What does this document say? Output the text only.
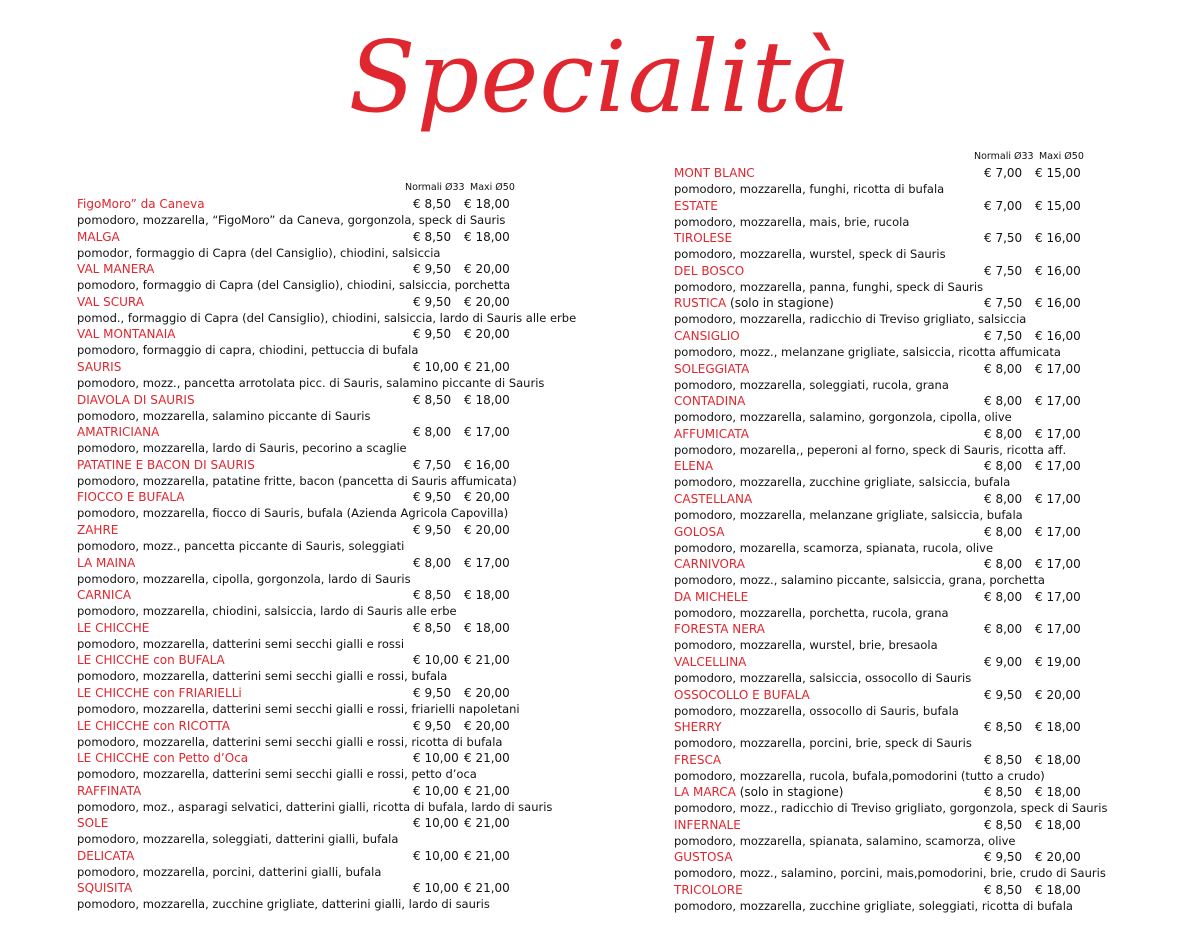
Specialità
Normali Ø33 Maxi Ø50
FigoMoro” da Caneva	€ 8,50 € 18,00
pomodoro, mozzarella, “FigoMoro” da Caneva, gorgonzola, speck di Sauris
MALGA	€ 8,50 € 18,00
pomodor, formaggio di Capra (del Cansiglio), chiodini, salsiccia
VAL MANERA	€ 9,50 € 20,00
pomodoro, formaggio di Capra (del Cansiglio), chiodini, salsiccia, porchetta
VAL SCURA	€ 9,50 € 20,00
pomod., formaggio di Capra (del Cansiglio), chiodini, salsiccia, lardo di Sauris alle erbe
VAL MONTANAIA	€ 9,50 € 20,00
pomodoro, formaggio di capra, chiodini, pettuccia di bufala
SAURIS	€ 10,00 € 21,00
pomodoro, mozz., pancetta arrotolata picc. di Sauris, salamino piccante di Sauris
DIAVOLA DI SAURIS	€ 8,50 € 18,00
pomodoro, mozzarella, salamino piccante di Sauris
AMATRICIANA	€ 8,00 € 17,00
pomodoro, mozzarella, lardo di Sauris, pecorino a scaglie
PATATINE E BACON DI SAURIS	€ 7,50 € 16,00
pomodoro, mozzarella, patatine fritte, bacon (pancetta di Sauris affumicata)
FIOCCO E BUFALA	€ 9,50 € 20,00
pomodoro, mozzarella, fiocco di Sauris, bufala (Azienda Agricola Capovilla)
ZAHRE	€ 9,50 € 20,00
pomodoro, mozz., pancetta piccante di Sauris, soleggiati
LA MAINA	€ 8,00 € 17,00
pomodoro, mozzarella, cipolla, gorgonzola, lardo di Sauris
CARNICA	€ 8,50 € 18,00
pomodoro, mozzarella, chiodini, salsiccia, lardo di Sauris alle erbe
LE CHICCHE	€ 8,50 € 18,00
pomodoro, mozzarella, datterini semi secchi gialli e rossi
LE CHICCHE con BUFALA	€ 10,00 € 21,00
pomodoro, mozzarella, datterini semi secchi gialli e rossi, bufala
LE CHICCHE con FRIARIELLi	€ 9,50 € 20,00
pomodoro, mozzarella, datterini semi secchi gialli e rossi, friarielli napoletani
LE CHICCHE con RICOTTA	€ 9,50 € 20,00
pomodoro, mozzarella, datterini semi secchi gialli e rossi, ricotta di bufala
LE CHICCHE con Petto d’Oca	€ 10,00 € 21,00
pomodoro, mozzarella, datterini semi secchi gialli e rossi, petto d’oca
RAFFINATA	€ 10,00 € 21,00
pomodoro, moz., asparagi selvatici, datterini gialli, ricotta di bufala, lardo di sauris
SOLE	€ 10,00 € 21,00
pomodoro, mozzarella, soleggiati, datterini gialli, bufala
DELICATA	€ 10,00 € 21,00
pomodoro, mozzarella, porcini, datterini gialli, bufala
SQUISITA	€ 10,00 € 21,00
pomodoro, mozzarella, zucchine grigliate, datterini gialli, lardo di sauris
Normali Ø33 Maxi Ø50
MONT BLANC	€ 7,00 € 15,00
pomodoro, mozzarella, funghi, ricotta di bufala
ESTATE	€ 7,00 € 15,00
pomodoro, mozzarella, mais, brie, rucola
TIROLESE	€ 7,50 € 16,00
pomodoro, mozzarella, wurstel, speck di Sauris
DEL BOSCO	€ 7,50 € 16,00
pomodoro, mozzarella, panna, funghi, speck di Sauris
RUSTICA (solo in stagione)	€ 7,50 € 16,00
pomodoro, mozzarella, radicchio di Treviso grigliato, salsiccia
CANSIGLIO	€ 7,50 € 16,00
pomodoro, mozz., melanzane grigliate, salsiccia, ricotta affumicata
SOLEGGIATA	€ 8,00 € 17,00
pomodoro, mozzarella, soleggiati, rucola, grana
CONTADINA	€ 8,00 € 17,00
pomodoro, mozzarella, salamino, gorgonzola, cipolla, olive
AFFUMICATA	€ 8,00 € 17,00
pomodoro, mozarella,, peperoni al forno, speck di Sauris, ricotta aff.
ELENA	€ 8,00 € 17,00
pomodoro, mozzarella, zucchine grigliate, salsiccia, bufala
CASTELLANA	€ 8,00 € 17,00
pomodoro, mozzarella, melanzane grigliate, salsiccia, bufala
GOLOSA	€ 8,00 € 17,00
pomodoro, mozarella, scamorza, spianata, rucola, olive
CARNIVORA	€ 8,00 € 17,00
pomodoro, mozz., salamino piccante, salsiccia, grana, porchetta
DA MICHELE	€ 8,00 € 17,00
pomodoro, mozzarella, porchetta, rucola, grana
FORESTA NERA	€ 8,00 € 17,00
pomodoro, mozzarella, wurstel, brie, bresaola
VALCELLINA	€ 9,00 € 19,00
pomodoro, mozzarella, salsiccia, ossocollo di Sauris
OSSOCOLLO E BUFALA	€ 9,50 € 20,00
pomodoro, mozzarella, ossocollo di Sauris, bufala
SHERRY	€ 8,50 € 18,00
pomodoro, mozzarella, porcini, brie, speck di Sauris
FRESCA	€ 8,50 € 18,00
pomodoro, mozzarella, rucola, bufala,pomodorini (tutto a crudo)
LA MARCA (solo in stagione)	€ 8,50 € 18,00
pomodoro, mozz., radicchio di Treviso grigliato, gorgonzola, speck di Sauris
INFERNALE	€ 8,50 € 18,00
pomodoro, mozzarella, spianata, salamino, scamorza, olive
GUSTOSA	€ 9,50 € 20,00
pomodoro, mozz., salamino, porcini, mais,pomodorini, brie, crudo di Sauris
TRICOLORE	€ 8,50 € 18,00
pomodoro, mozzarella, zucchine grigliate, soleggiati, ricotta di bufala
